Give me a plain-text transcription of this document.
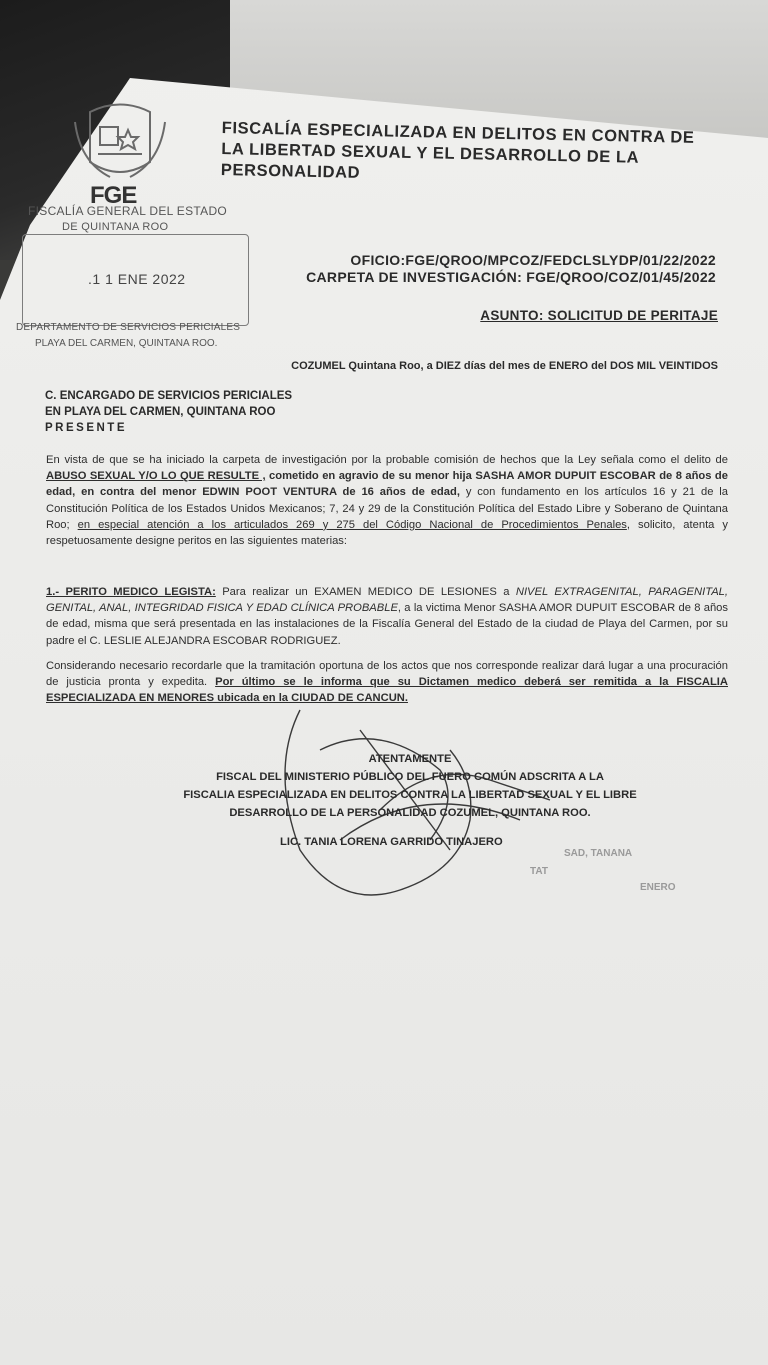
FGE
FISCALÍA GENERAL DEL ESTADO
DE QUINTANA ROO
FISCALÍA ESPECIALIZADA EN DELITOS EN CONTRA DE LA LIBERTAD SEXUAL Y EL DESARROLLO DE LA PERSONALIDAD
.1 1 ENE 2022
DEPARTAMENTO DE SERVICIOS PERICIALES
PLAYA DEL CARMEN, QUINTANA ROO.
OFICIO:FGE/QROO/MPCOZ/FEDCLSLYDP/01/22/2022
CARPETA DE INVESTIGACIÓN: FGE/QROO/COZ/01/45/2022
ASUNTO: SOLICITUD DE PERITAJE
COZUMEL Quintana Roo, a DIEZ días del mes de ENERO del DOS MIL VEINTIDOS
C. ENCARGADO DE SERVICIOS PERICIALES
EN PLAYA DEL CARMEN, QUINTANA ROO
PRESENTE
En vista de que se ha iniciado la carpeta de investigación por la probable comisión de hechos que la Ley señala como el delito de ABUSO SEXUAL Y/O LO QUE RESULTE , cometido en agravio de su menor hija SASHA AMOR DUPUIT ESCOBAR de 8 años de edad, en contra del menor EDWIN POOT VENTURA de 16 años de edad, y con fundamento en los artículos 16 y 21 de la Constitución Política de los Estados Unidos Mexicanos; 7, 24 y 29 de la Constitución Política del Estado Libre y Soberano de Quintana Roo; en especial atención a los articulados 269 y 275 del Código Nacional de Procedimientos Penales, solicito, atenta y respetuosamente designe peritos en las siguientes materias:
1.- PERITO MEDICO LEGISTA: Para realizar un EXAMEN MEDICO DE LESIONES a NIVEL EXTRAGENITAL, PARAGENITAL, GENITAL, ANAL, INTEGRIDAD FISICA Y EDAD CLÍNICA PROBABLE, a la victima Menor SASHA AMOR DUPUIT ESCOBAR de 8 años de edad, misma que será presentada en las instalaciones de la Fiscalía General del Estado de la ciudad de Playa del Carmen, por su padre el C. LESLIE ALEJANDRA ESCOBAR RODRIGUEZ.
Considerando necesario recordarle que la tramitación oportuna de los actos que nos corresponde realizar dará lugar a una procuración de justicia pronta y expedita. Por último se le informa que su Dictamen medico deberá ser remitida a la FISCALIA ESPECIALIZADA EN MENORES ubicada en la CIUDAD DE CANCUN.
ATENTAMENTE
FISCAL DEL MINISTERIO PÚBLICO DEL FUERO COMÚN ADSCRITA A LA
FISCALIA ESPECIALIZADA EN DELITOS CONTRA LA LIBERTAD SEXUAL Y EL LIBRE
DESARROLLO DE LA PERSONALIDAD COZUMEL, QUINTANA ROO.
LIC. TANIA LORENA GARRIDO TINAJERO
SAD, TANANA
TAT
ENERO
